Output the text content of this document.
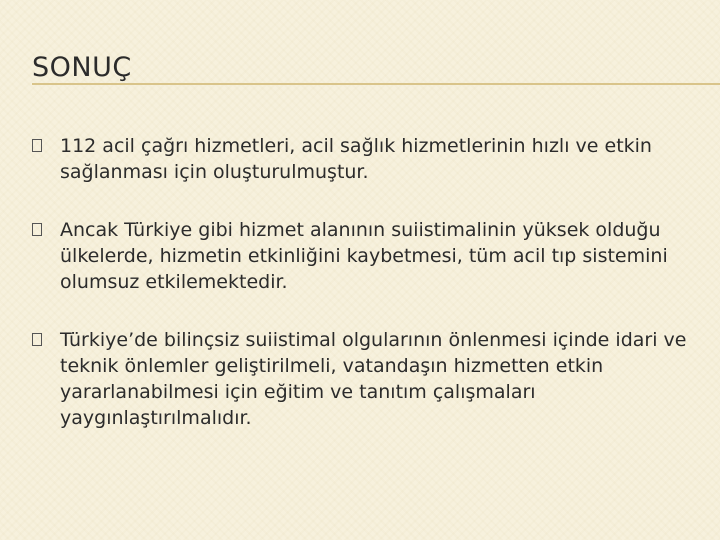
SONUÇ
112 acil çağrı hizmetleri, acil sağlık hizmetlerinin hızlı ve etkin sağlanması için oluşturulmuştur.
Ancak Türkiye gibi hizmet alanının suiistimalinin yüksek olduğu ülkelerde, hizmetin etkinliğini kaybetmesi, tüm acil tıp sistemini olumsuz etkilemektedir.
Türkiye’de bilinçsiz suiistimal olgularının önlenmesi içinde idari ve teknik önlemler geliştirilmeli, vatandaşın hizmetten etkin yararlanabilmesi için eğitim ve tanıtım çalışmaları yaygınlaştırılmalıdır.
